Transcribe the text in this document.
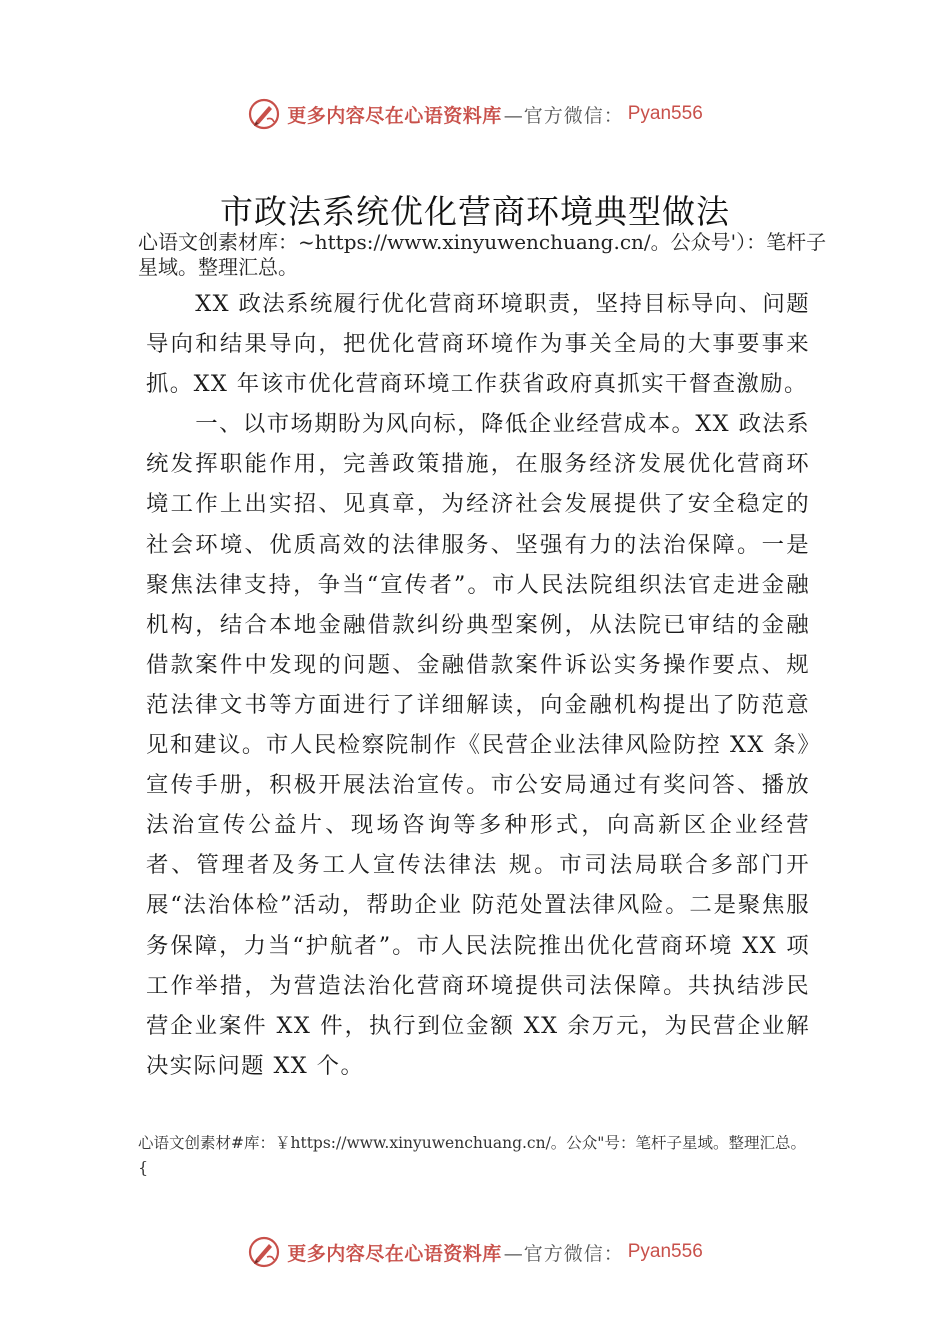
更多内容尽在心语资料库 —官方微信： Pyan556
市政法系统优化营商环境典型做法

心语文创素材库：~https://www.xinyuwenchuang.cn/。公众号'）：笔杆子星域。整理汇总。

XX 政法系统履行优化营商环境职责，坚持目标导向、问题导向和结果导向，把优化营商环境作为事关全局的大事要事来抓。XX 年该市优化营商环境工作获省政府真抓实干督查激励。

一、以市场期盼为风向标，降低企业经营成本。XX 政法系统发挥职能作用，完善政策措施，在服务经济发展优化营商环境工作上出实招、见真章，为经济社会发展提供了安全稳定的社会环境、优质高效的法律服务、坚强有力的法治保障。一是聚焦法律支持，争当“宣传者”。市人民法院组织法官走进金融机构，结合本地金融借款纠纷典型案例，从法院已审结的金融借款案件中发现的问题、金融借款案件诉讼实务操作要点、规范法律文书等方面进行了详细解读，向金融机构提出了防范意见和建议。市人民检察院制作《民营企业法律风险防控 XX 条》宣传手册，积极开展法治宣传。市公安局通过有奖问答、播放法治宣传公益片、现场咨询等多种形式，向高新区企业经营者、管理者及务工人宣传法律法 规。市司法局联合多部门开展“法治体检”活动，帮助企业 防范处置法律风险。二是聚焦服务保障，力当“护航者”。市人民法院推出优化营商环境 XX 项工作举措，为营造法治化营商环境提供司法保障。共执结涉民营企业案件 XX 件，执行到位金额 XX 余万元，为民营企业解决实际问题 XX 个。

心语文创素材#库：￥https://www.xinyuwenchuang.cn/。公众"号：笔杆子星域。整理汇总。

{

更多内容尽在心语资料库 —官方微信： Pyan556
